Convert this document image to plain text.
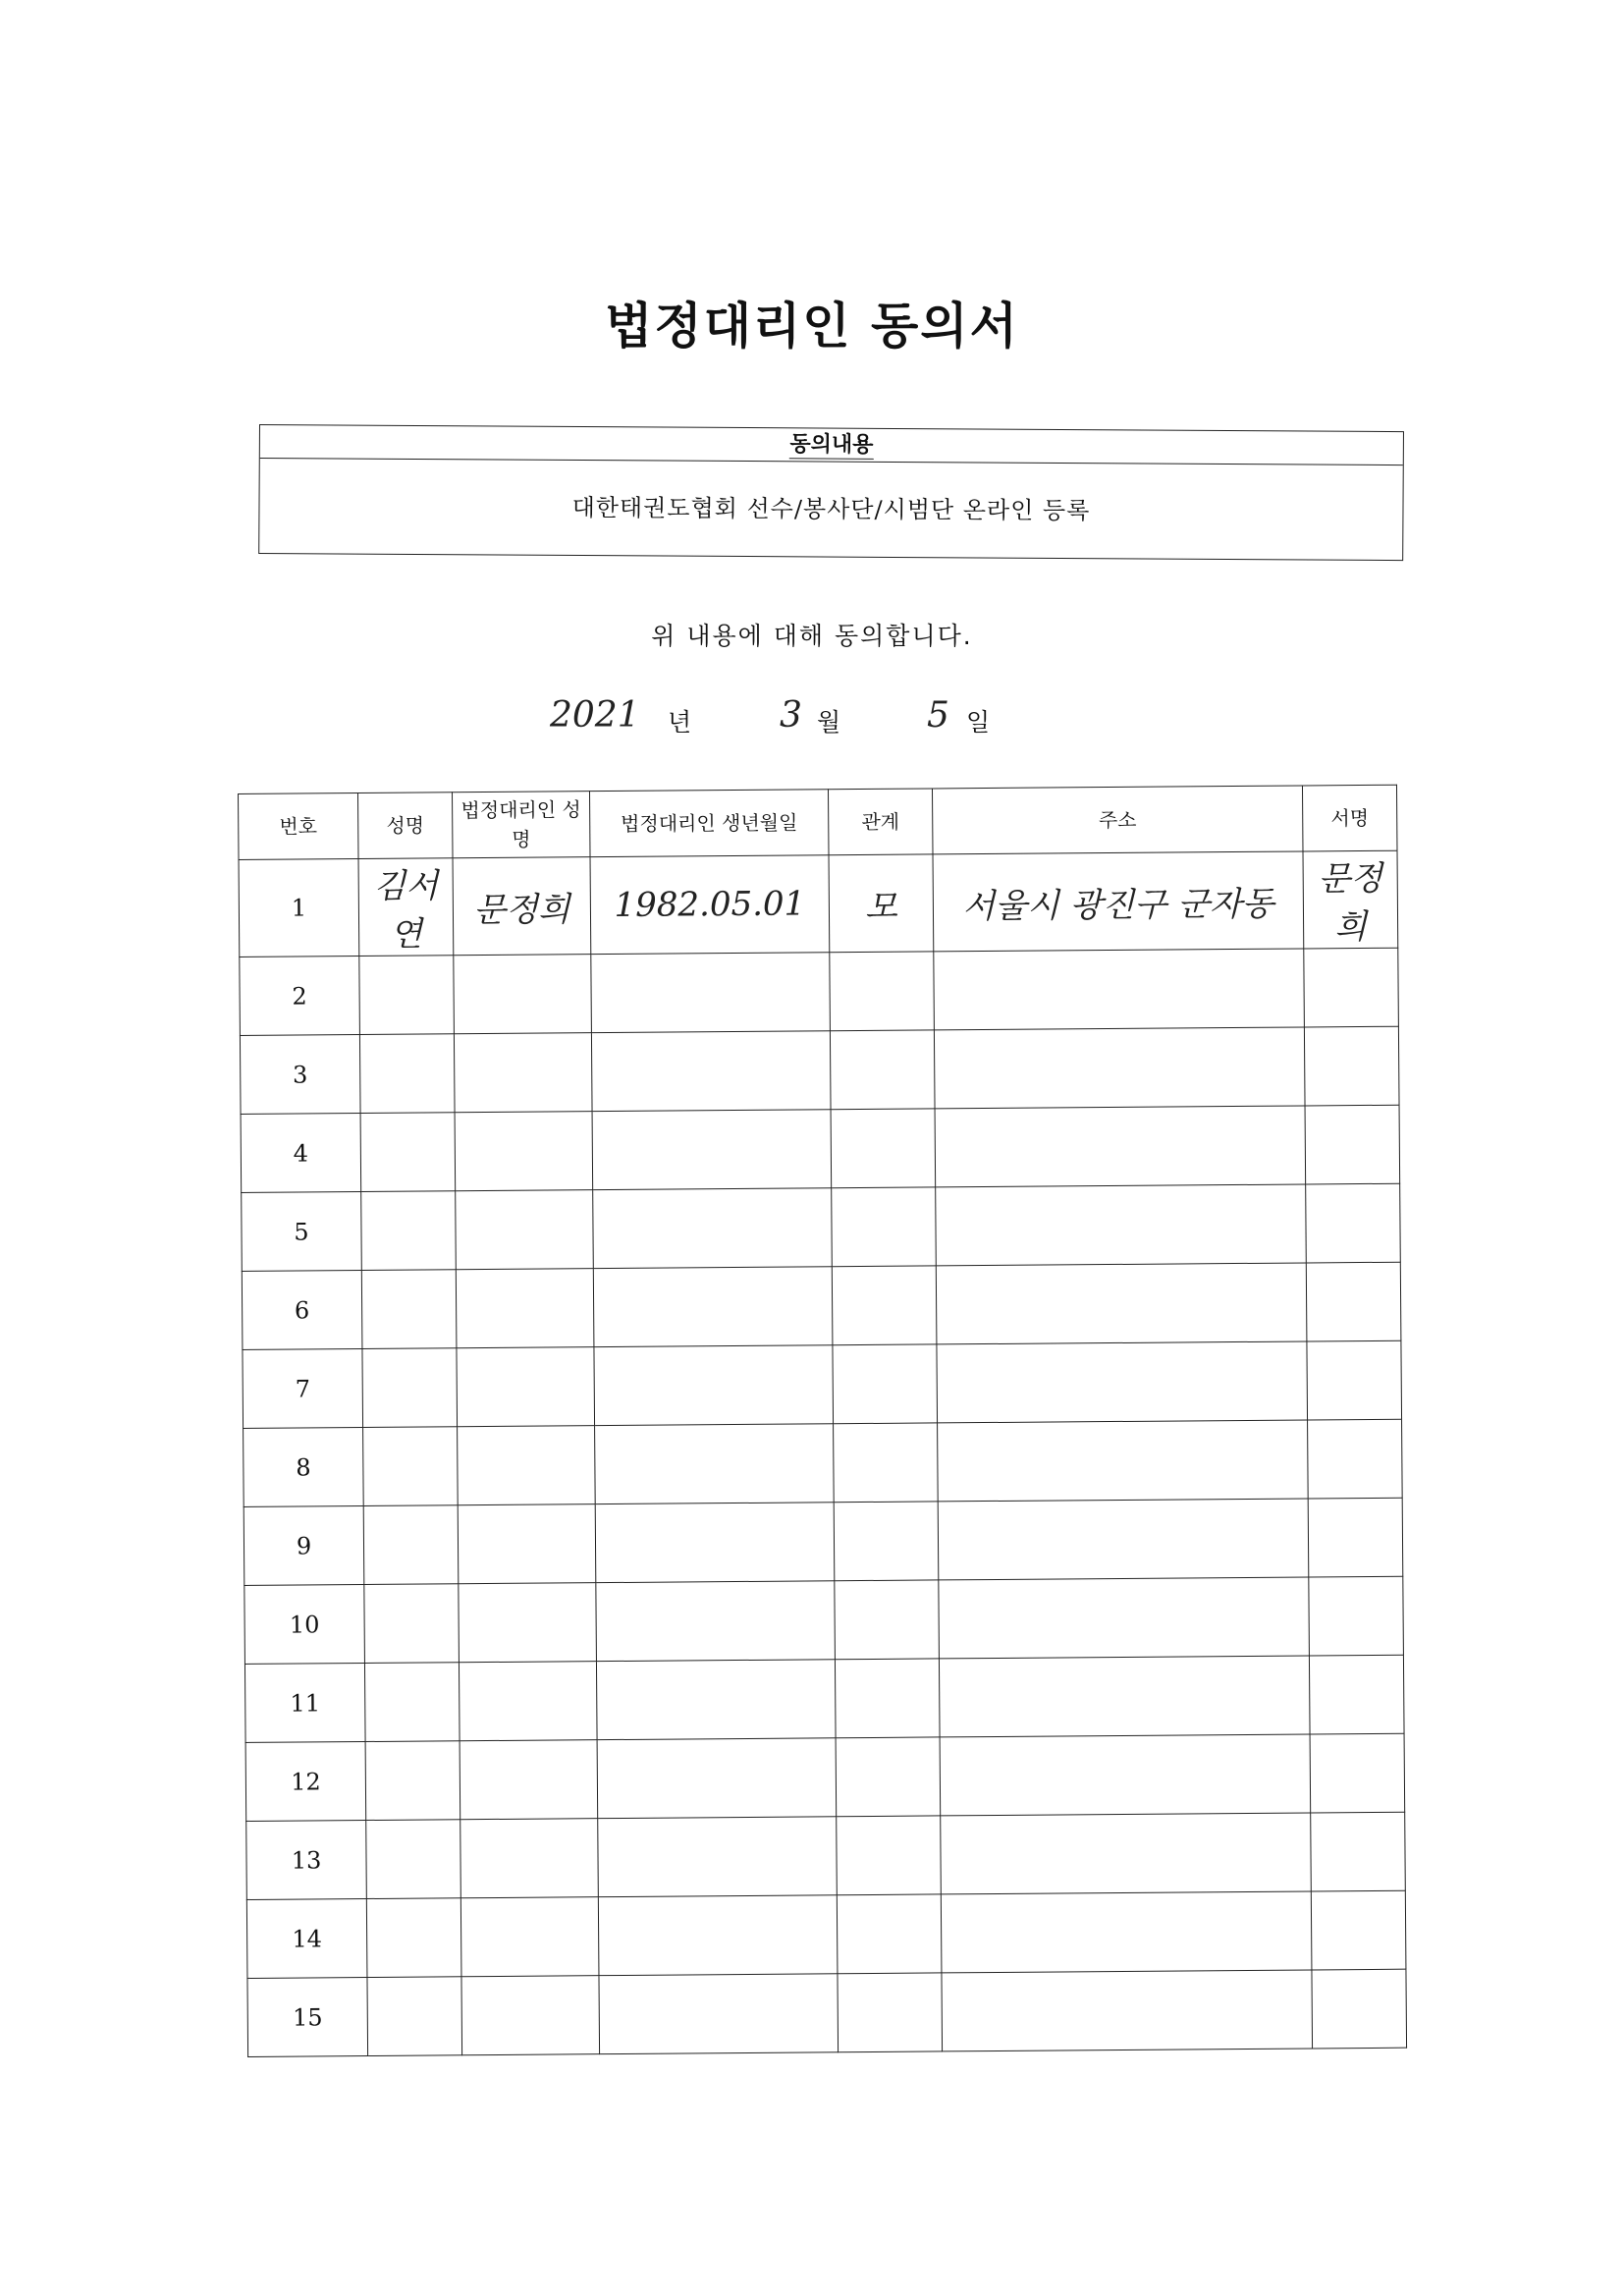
법정대리인 동의서
동의내용
대한태권도협회 선수/봉사단/시범단 온라인 등록
위 내용에 대해 동의합니다.
2021 년 3 월 5 일
번호	성명	법정대리인 성명	법정대리인 생년월일	관계	주소	서명
1	김서연	문정희	1982.05.01	모	서울시 광진구 군자동	문정희
2						
3						
4						
5						
6						
7						
8						
9						
10						
11						
12						
13						
14						
15						
